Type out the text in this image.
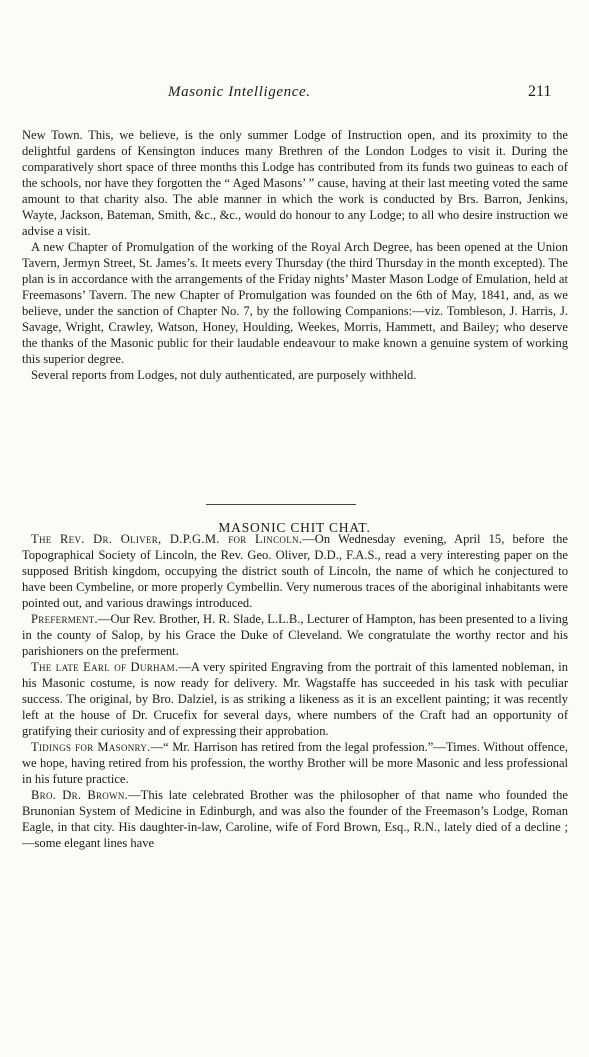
Masonic Intelligence.	211

New Town. This, we believe, is the only summer Lodge of Instruction open, and its proximity to the delightful gardens of Kensington induces many Brethren of the London Lodges to visit it. During the comparatively short space of three months this Lodge has contributed from its funds two guineas to each of the schools, nor have they forgotten the “ Aged Masons’ ” cause, having at their last meeting voted the same amount to that charity also. The able manner in which the work is conducted by Brs. Barron, Jenkins, Wayte, Jackson, Bateman, Smith, &c., &c., would do honour to any Lodge; to all who desire instruction we advise a visit.

A new Chapter of Promulgation of the working of the Royal Arch Degree, has been opened at the Union Tavern, Jermyn Street, St. James’s. It meets every Thursday (the third Thursday in the month excepted). The plan is in accordance with the arrangements of the Friday nights’ Master Mason Lodge of Emulation, held at Freemasons’ Tavern. The new Chapter of Promulgation was founded on the 6th of May, 1841, and, as we believe, under the sanction of Chapter No. 7, by the following Companions:—viz. Tombleson, J. Harris, J. Savage, Wright, Crawley, Watson, Honey, Houlding, Weekes, Morris, Hammett, and Bailey; who deserve the thanks of the Masonic public for their laudable endeavour to make known a genuine system of working this superior degree.

Several reports from Lodges, not duly authenticated, are purposely withheld.

MASONIC CHIT CHAT.

The Rev. Dr. Oliver, D.P.G.M. for Lincoln.—On Wednesday evening, April 15, before the Topographical Society of Lincoln, the Rev. Geo. Oliver, D.D., F.A.S., read a very interesting paper on the supposed British kingdom, occupying the district south of Lincoln, the name of which he conjectured to have been Cymbeline, or more properly Cymbellin. Very numerous traces of the aboriginal inhabitants were pointed out, and various drawings introduced.

Preferment.—Our Rev. Brother, H. R. Slade, L.L.B., Lecturer of Hampton, has been presented to a living in the county of Salop, by his Grace the Duke of Cleveland. We congratulate the worthy rector and his parishioners on the preferment.

The late Earl of Durham.—A very spirited Engraving from the portrait of this lamented nobleman, in his Masonic costume, is now ready for delivery. Mr. Wagstaffe has succeeded in his task with peculiar success. The original, by Bro. Dalziel, is as striking a likeness as it is an excellent painting; it was recently left at the house of Dr. Crucefix for several days, where numbers of the Craft had an opportunity of gratifying their curiosity and of expressing their approbation.

Tidings for Masonry.—“ Mr. Harrison has retired from the legal profession.”—Times. Without offence, we hope, having retired from his profession, the worthy Brother will be more Masonic and less professional in his future practice.

Bro. Dr. Brown.—This late celebrated Brother was the philosopher of that name who founded the Brunonian System of Medicine in Edinburgh, and was also the founder of the Freemason’s Lodge, Roman Eagle, in that city. His daughter-in-law, Caroline, wife of Ford Brown, Esq., R.N., lately died of a decline ;—some elegant lines have
